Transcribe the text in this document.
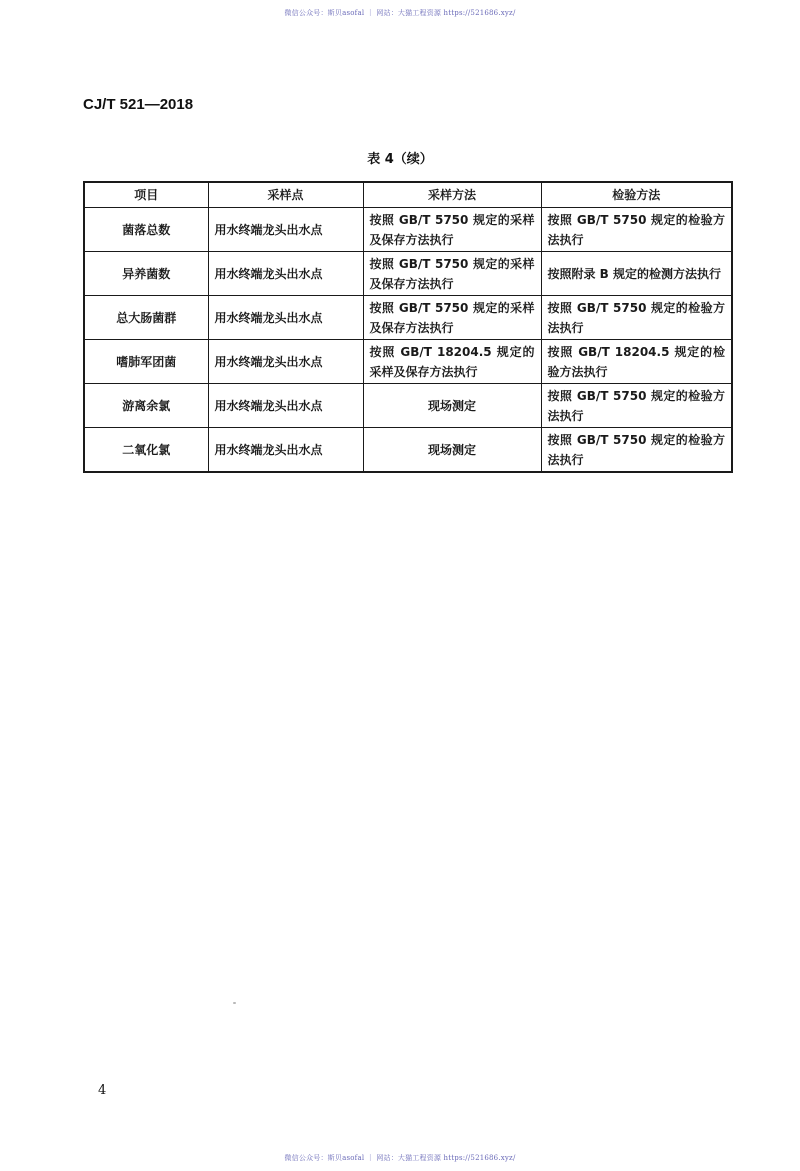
微信公众号：斯贝asofal ｜ 网站：大猫工程资源 https://521686.xyz/
CJ/T 521—2018
表 4（续）
项目	采样点	采样方法	检验方法
菌落总数	用水终端龙头出水点	按照 GB/T 5750 规定的采样及保存方法执行	按照 GB/T 5750 规定的检验方法执行
异养菌数	用水终端龙头出水点	按照 GB/T 5750 规定的采样及保存方法执行	按照附录 B 规定的检测方法执行
总大肠菌群	用水终端龙头出水点	按照 GB/T 5750 规定的采样及保存方法执行	按照 GB/T 5750 规定的检验方法执行
嗜肺军团菌	用水终端龙头出水点	按照 GB/T 18204.5 规定的采样及保存方法执行	按照 GB/T 18204.5 规定的检验方法执行
游离余氯	用水终端龙头出水点	现场测定	按照 GB/T 5750 规定的检验方法执行
二氧化氯	用水终端龙头出水点	现场测定	按照 GB/T 5750 规定的检验方法执行
4
微信公众号：斯贝asofal ｜ 网站：大猫工程资源 https://521686.xyz/
